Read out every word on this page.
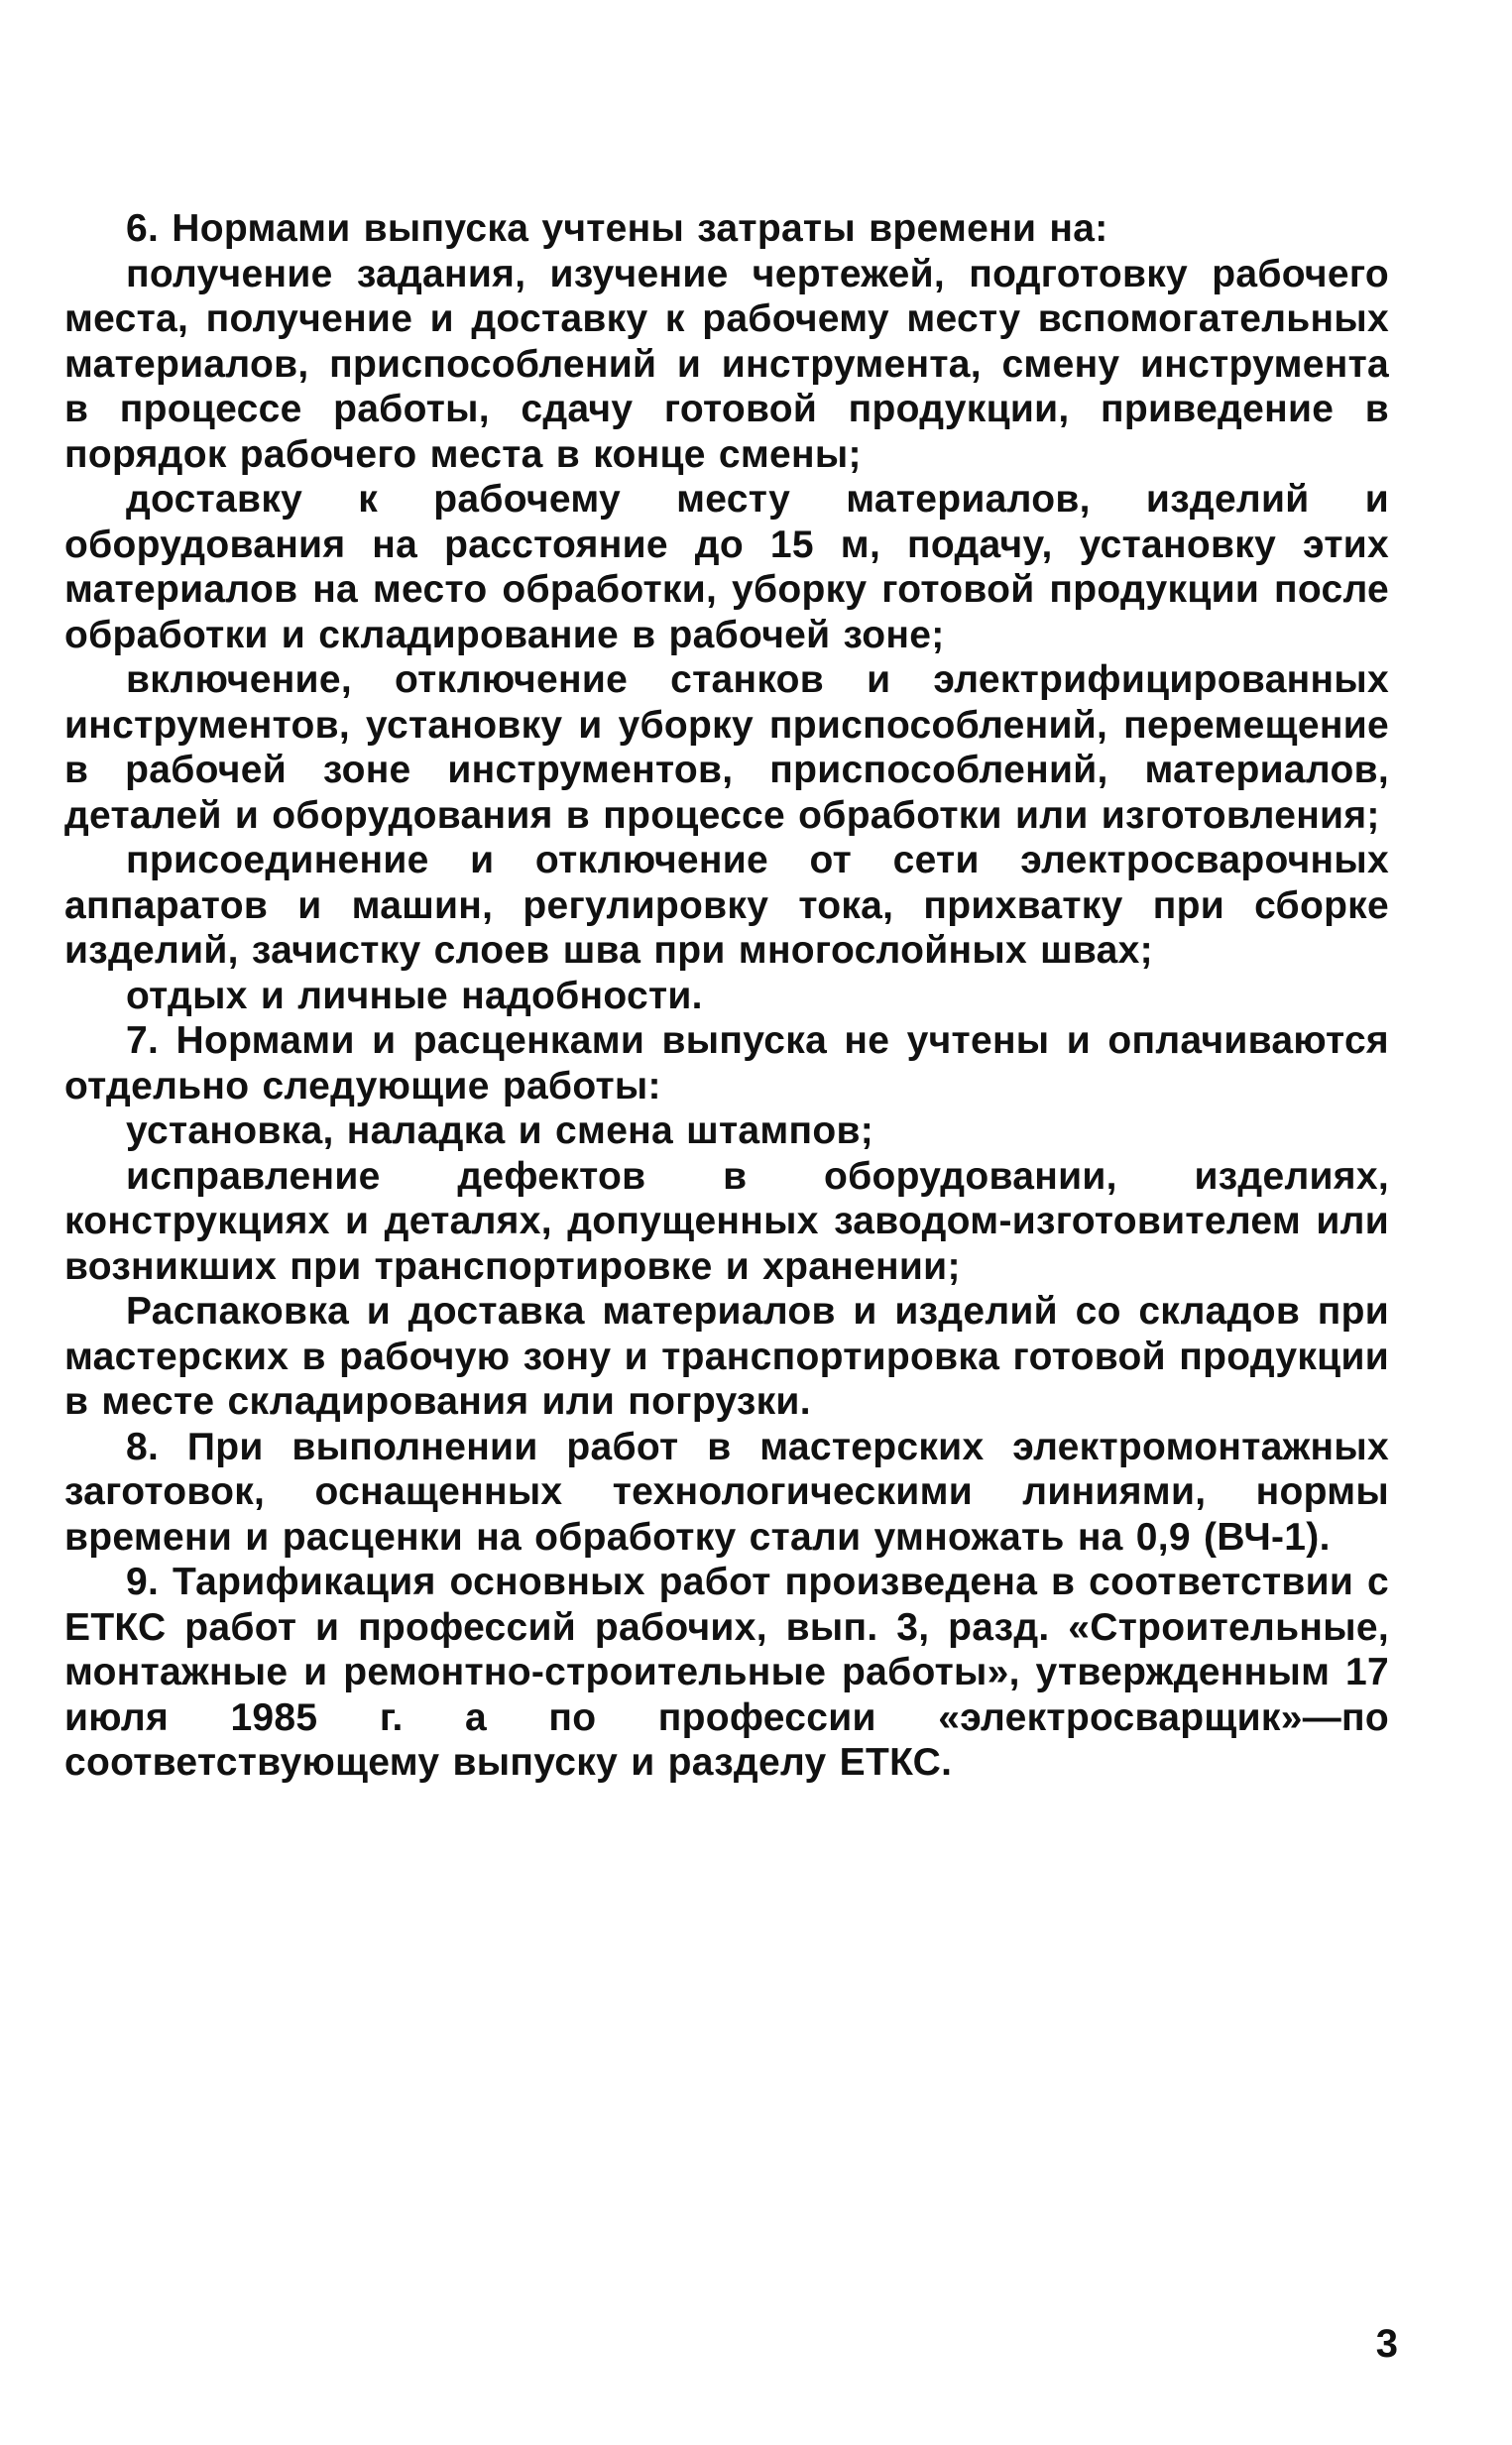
6. Нормами выпуска учтены затраты времени на:

получение задания, изучение чертежей, подготовку рабочего места, получение и доставку к рабочему месту вспомогательных материалов, приспособлений и инструмента, смену инструмента в процессе работы, сдачу готовой продукции, приведение в порядок рабочего места в конце смены;

доставку к рабочему месту материалов, изделий и оборудования на расстояние до 15 м, подачу, установку этих материалов на место обработки, уборку готовой продукции после обработки и складирование в рабочей зоне;

включение, отключение станков и электрифицированных инструментов, установку и уборку приспособлений, перемещение в рабочей зоне инструментов, приспособлений, материалов, деталей и оборудования в процессе обработки или изготовления;

присоединение и отключение от сети электросварочных аппаратов и машин, регулировку тока, прихватку при сборке изделий, зачистку слоев шва при многослойных швах;

отдых и личные надобности.

7. Нормами и расценками выпуска не учтены и оплачиваются отдельно следующие работы:

установка, наладка и смена штампов;

исправление дефектов в оборудовании, изделиях, конструкциях и деталях, допущенных заводом-изготовителем или возникших при транспортировке и хранении;

Распаковка и доставка материалов и изделий со складов при мастерских в рабочую зону и транспортировка готовой продукции в месте складирования или погрузки.

8. При выполнении работ в мастерских электромонтажных заготовок, оснащенных технологическими линиями, нормы времени и расценки на обработку стали умножать на 0,9 (ВЧ-1).

9. Тарификация основных работ произведена в соответствии с ЕТКС работ и профессий рабочих, вып. 3, разд. «Строительные, монтажные и ремонтно-строительные работы», утвержденным 17 июля 1985 г. а по профессии «электросварщик»—по соответствующему выпуску и разделу ЕТКС.

3
